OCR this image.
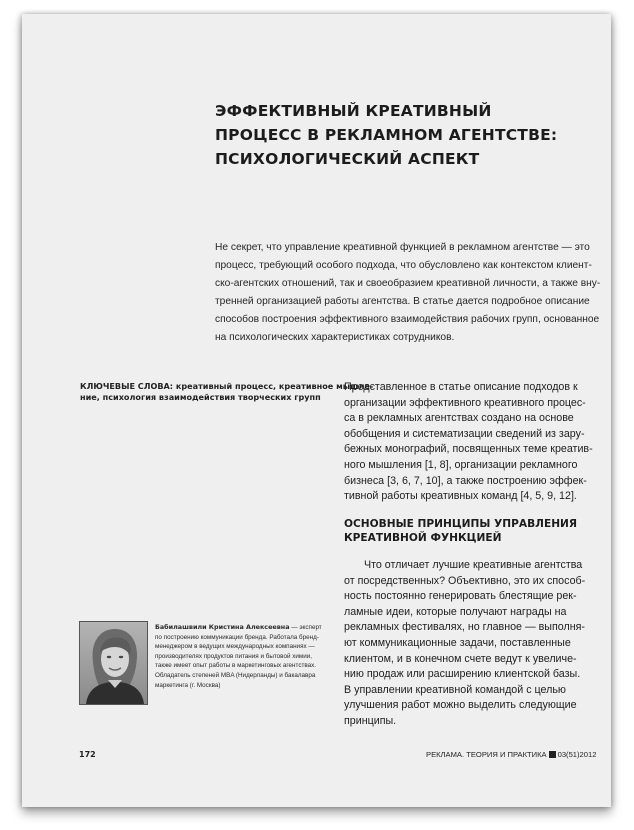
ЭФФЕКТИВНЫЙ КРЕАТИВНЫЙ
ПРОЦЕСС В РЕКЛАМНОМ АГЕНТСТВЕ:
ПСИХОЛОГИЧЕСКИЙ АСПЕКТ
Не секрет, что управление креативной функцией в рекламном агентстве — это
процесс, требующий особого подхода, что обусловлено как контекстом клиент-
ско-агентских отношений, так и своеобразием креативной личности, а также вну-
тренней организацией работы агентства. В статье дается подробное описание
способов построения эффективного взаимодействия рабочих групп, основанное
на психологических характеристиках сотрудников.
КЛЮЧЕВЫЕ СЛОВА: креативный процесс, креативное мышле-
ние, психология взаимодействия творческих групп
Представленное в статье описание подходов к
организации эффективного креативного процес-
са в рекламных агентствах создано на основе
обобщения и систематизации сведений из зару-
бежных монографий, посвященных теме креатив-
ного мышления [1, 8], организации рекламного
бизнеса [3, 6, 7, 10], а также построению эффек-
тивной работы креативных команд [4, 5, 9, 12].
ОСНОВНЫЕ ПРИНЦИПЫ УПРАВЛЕНИЯ
КРЕАТИВНОЙ ФУНКЦИЕЙ
Что отличает лучшие креативные агентства
от посредственных? Объективно, это их способ-
ность постоянно генерировать блестящие рек-
ламные идеи, которые получают награды на
рекламных фестивалях, но главное — выполня-
ют коммуникационные задачи, поставленные
клиентом, и в конечном счете ведут к увеличе-
нию продаж или расширению клиентской базы.
В управлении креативной командой с целью
улучшения работ можно выделить следующие
принципы.
Бабилашвили Кристина Алексеевна — эксперт
по построению коммуникации бренда. Работала бренд-
менеджером в ведущих международных компаниях —
производителях продуктов питания и бытовой химии,
также имеет опыт работы в маркетинговых агентствах.
Обладатель степеней MBA (Нидерланды) и бакалавра
маркетинга (г. Москва)
172	РЕКЛАМА. ТЕОРИЯ И ПРАКТИКА 03(51)2012
